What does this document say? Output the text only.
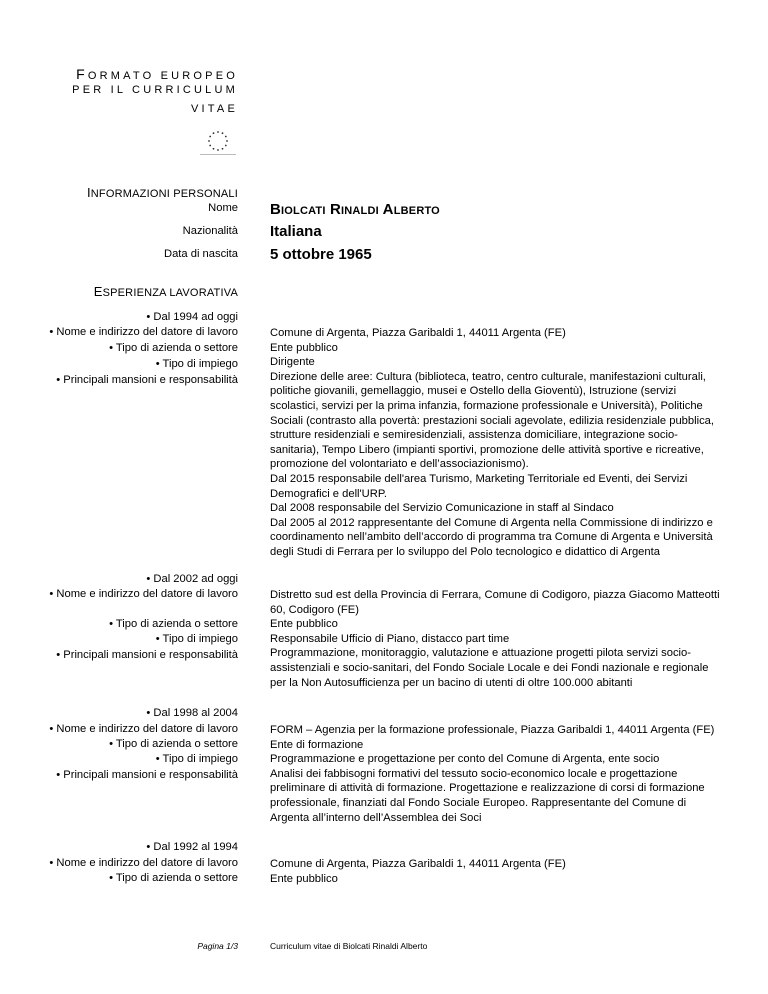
FORMATO EUROPEO
PER IL CURRICULUM
VITAE
INFORMAZIONI PERSONALI
Nome Biolcati Rinaldi Alberto
Nazionalità Italiana
Data di nascita 5 ottobre 1965
ESPERIENZA LAVORATIVA
• Dal 1994 ad oggi
• Nome e indirizzo del datore di lavoro
• Tipo di azienda o settore
• Tipo di impiego
• Principali mansioni e responsabilità

Comune di Argenta, Piazza Garibaldi 1, 44011 Argenta (FE)

Ente pubblico

Dirigente

Direzione delle aree: Cultura (biblioteca, teatro, centro culturale, manifestazioni culturali, politiche giovanili, gemellaggio, musei e Ostello della Gioventù), Istruzione (servizi scolastici, servizi per la prima infanzia, formazione professionale e Università), Politiche Sociali (contrasto alla povertà: prestazioni sociali agevolate, edilizia residenziale pubblica, strutture residenziali e semiresidenziali, assistenza domiciliare, integrazione socio-sanitaria), Tempo Libero (impianti sportivi, promozione delle attività sportive e ricreative, promozione del volontariato e dell’associazionismo).

Dal 2015 responsabile dell'area Turismo, Marketing Territoriale ed Eventi, dei Servizi Demografici e dell'URP.

Dal 2008 responsabile del Servizio Comunicazione in staff al Sindaco

Dal 2005 al 2012 rappresentante del Comune di Argenta nella Commissione di indirizzo e coordinamento nell’ambito dell’accordo di programma tra Comune di Argenta e Università degli Studi di Ferrara per lo sviluppo del Polo tecnologico e didattico di Argenta

• Dal 2002 ad oggi
• Nome e indirizzo del datore di lavoro
• Tipo di azienda o settore
• Tipo di impiego
• Principali mansioni e responsabilità

Distretto sud est della Provincia di Ferrara, Comune di Codigoro, piazza Giacomo Matteotti 60, Codigoro (FE)

Ente pubblico

Responsabile Ufficio di Piano, distacco part time

Programmazione, monitoraggio, valutazione e attuazione progetti pilota servizi socio-assistenziali e socio-sanitari, del Fondo Sociale Locale e dei Fondi nazionale e regionale per la Non Autosufficienza per un bacino di utenti di oltre 100.000 abitanti

• Dal 1998 al 2004
• Nome e indirizzo del datore di lavoro
• Tipo di azienda o settore
• Tipo di impiego
• Principali mansioni e responsabilità

FORM – Agenzia per la formazione professionale, Piazza Garibaldi 1, 44011 Argenta (FE)

Ente di formazione

Programmazione e progettazione per conto del Comune di Argenta, ente socio

Analisi dei fabbisogni formativi del tessuto socio-economico locale e progettazione preliminare di attività di formazione. Progettazione e realizzazione di corsi di formazione professionale, finanziati dal Fondo Sociale Europeo. Rappresentante del Comune di Argenta all’interno dell’Assemblea dei Soci

• Dal 1992 al 1994
• Nome e indirizzo del datore di lavoro
• Tipo di azienda o settore

Comune di Argenta, Piazza Garibaldi 1, 44011 Argenta (FE)

Ente pubblico

Pagina 1/3	Curriculum vitae di Biolcati Rinaldi Alberto
